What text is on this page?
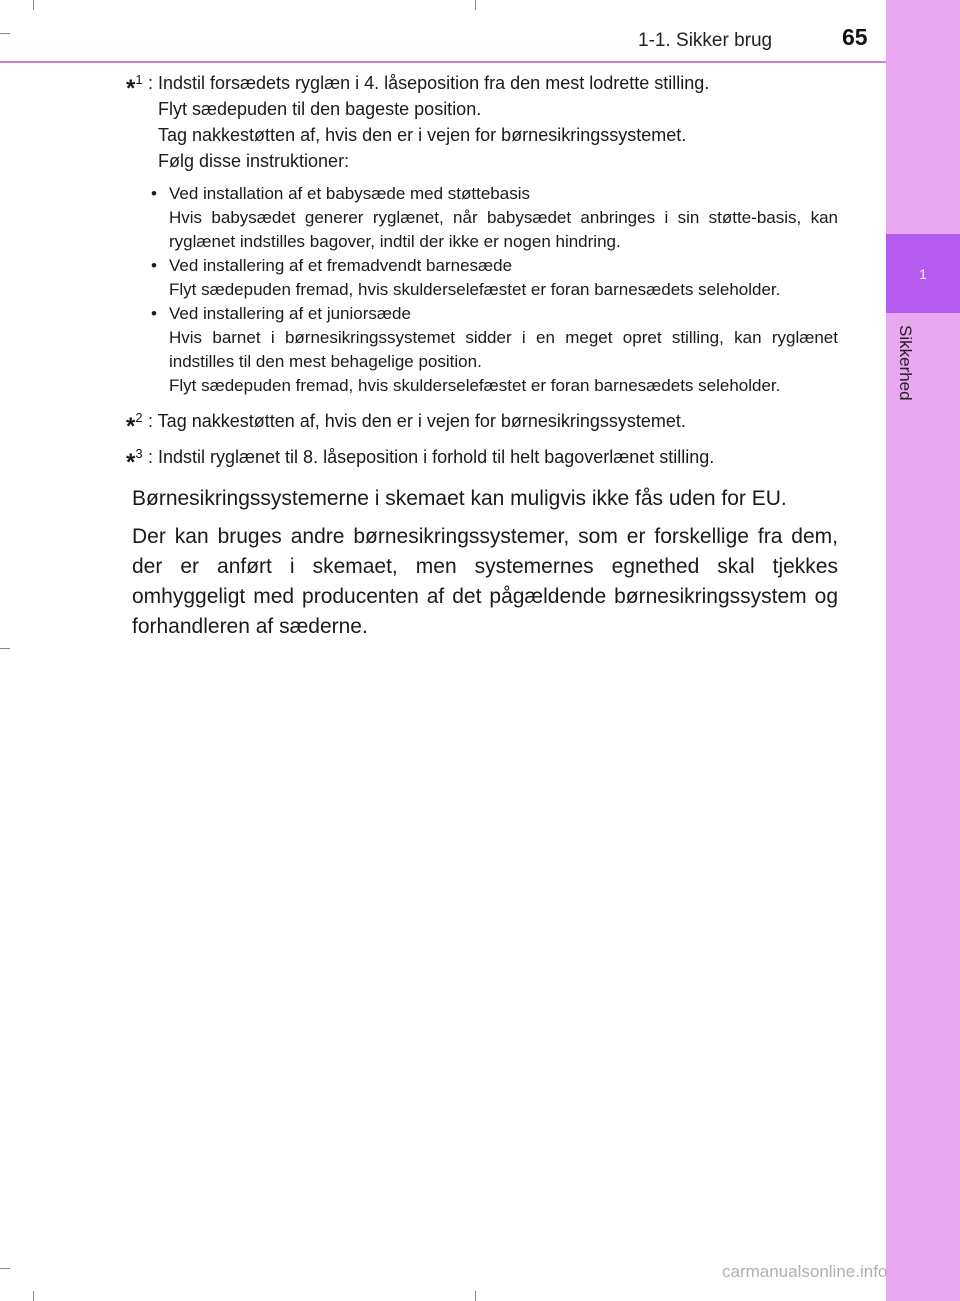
1-1. Sikker brug	65
1
Sikkerhed
*$^1$ : Indstil forsædets ryglæn i 4. låseposition fra den mest lodrette stilling.
Flyt sædepuden til den bageste position.
Tag nakkestøtten af, hvis den er i vejen for børnesikringssystemet.
Følg disse instruktioner:
• Ved installation af et babysæde med støttebasis
Hvis babysædet generer ryglænet, når babysædet anbringes i sin støtte-basis, kan ryglænet indstilles bagover, indtil der ikke er nogen hindring.
• Ved installering af et fremadvendt barnesæde
Flyt sædepuden fremad, hvis skulderselefæstet er foran barnesædets seleholder.
• Ved installering af et juniorsæde
Hvis barnet i børnesikringssystemet sidder i en meget opret stilling, kan ryglænet indstilles til den mest behagelige position.
Flyt sædepuden fremad, hvis skulderselefæstet er foran barnesædets seleholder.
*$^2$ : Tag nakkestøtten af, hvis den er i vejen for børnesikringssystemet.
*$^3$ : Indstil ryglænet til 8. låseposition i forhold til helt bagoverlænet stilling.
Børnesikringssystemerne i skemaet kan muligvis ikke fås uden for EU.
Der kan bruges andre børnesikringssystemer, som er forskellige fra dem, der er anført i skemaet, men systemernes egnethed skal tjekkes omhyggeligt med producenten af det pågældende børnesikringssystem og forhandleren af sæderne.
carmanualsonline.info
